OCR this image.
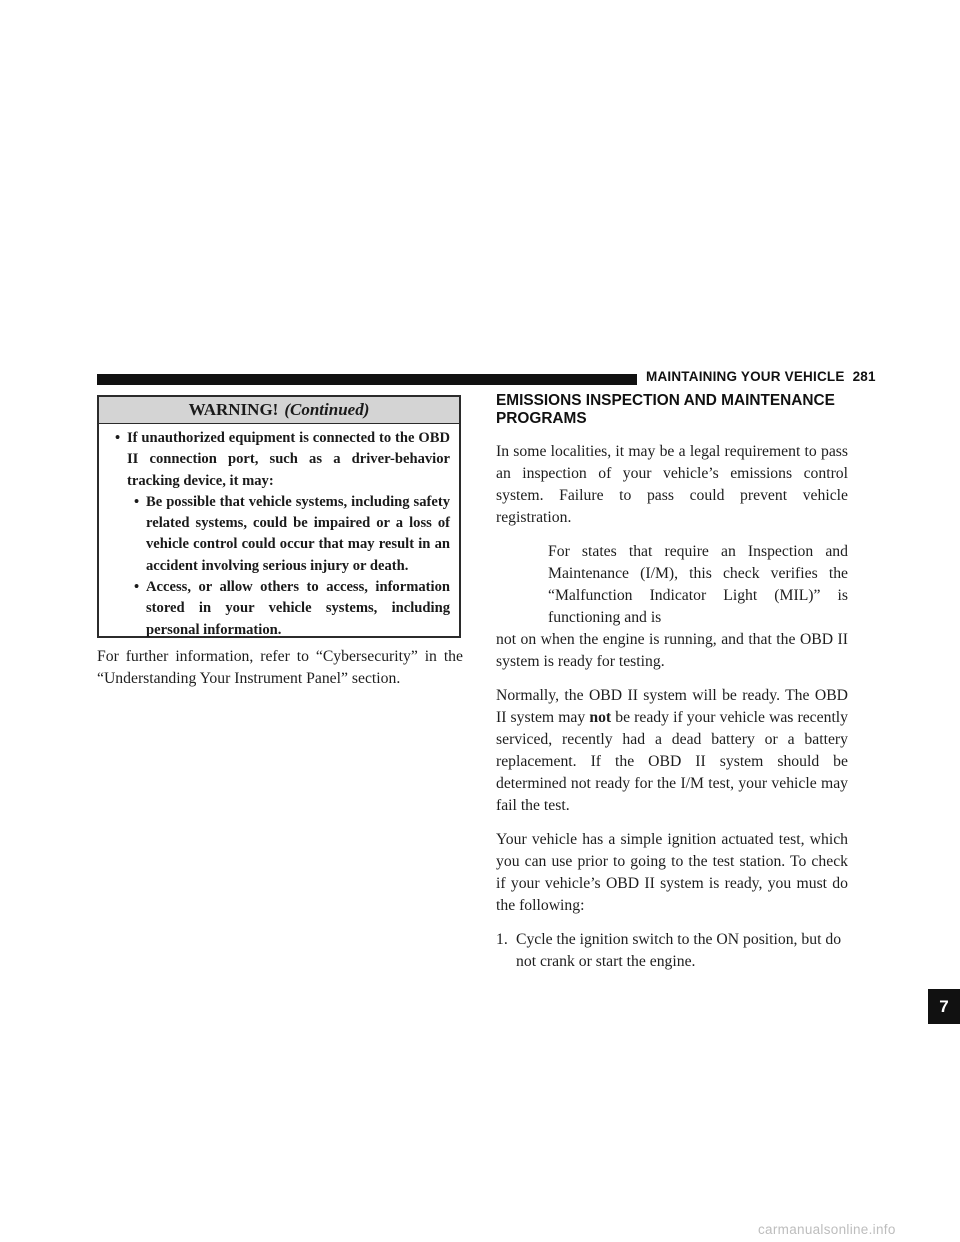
MAINTAINING YOUR VEHICLE 281
WARNING! (Continued)
• If unauthorized equipment is connected to the OBD II connection port, such as a driver-behavior tracking device, it may:
• Be possible that vehicle systems, including safety related systems, could be impaired or a loss of vehicle control could occur that may result in an accident involving serious injury or death.
• Access, or allow others to access, information stored in your vehicle systems, including personal information.
For further information, refer to “Cybersecurity” in the “Understanding Your Instrument Panel” section.
EMISSIONS INSPECTION AND MAINTENANCE PROGRAMS

In some localities, it may be a legal requirement to pass an inspection of your vehicle’s emissions control system. Failure to pass could prevent vehicle registration.

For states that require an Inspection and Maintenance (I/M), this check verifies the “Malfunction Indicator Light (MIL)” is functioning and is
not on when the engine is running, and that the OBD II system is ready for testing.

Normally, the OBD II system will be ready. The OBD II system may not be ready if your vehicle was recently serviced, recently had a dead battery or a battery replacement. If the OBD II system should be determined not ready for the I/M test, your vehicle may fail the test.

Your vehicle has a simple ignition actuated test, which you can use prior to going to the test station. To check if your vehicle’s OBD II system is ready, you must do the following:

1. Cycle the ignition switch to the ON position, but do not crank or start the engine.
7
carmanualsonline.info
